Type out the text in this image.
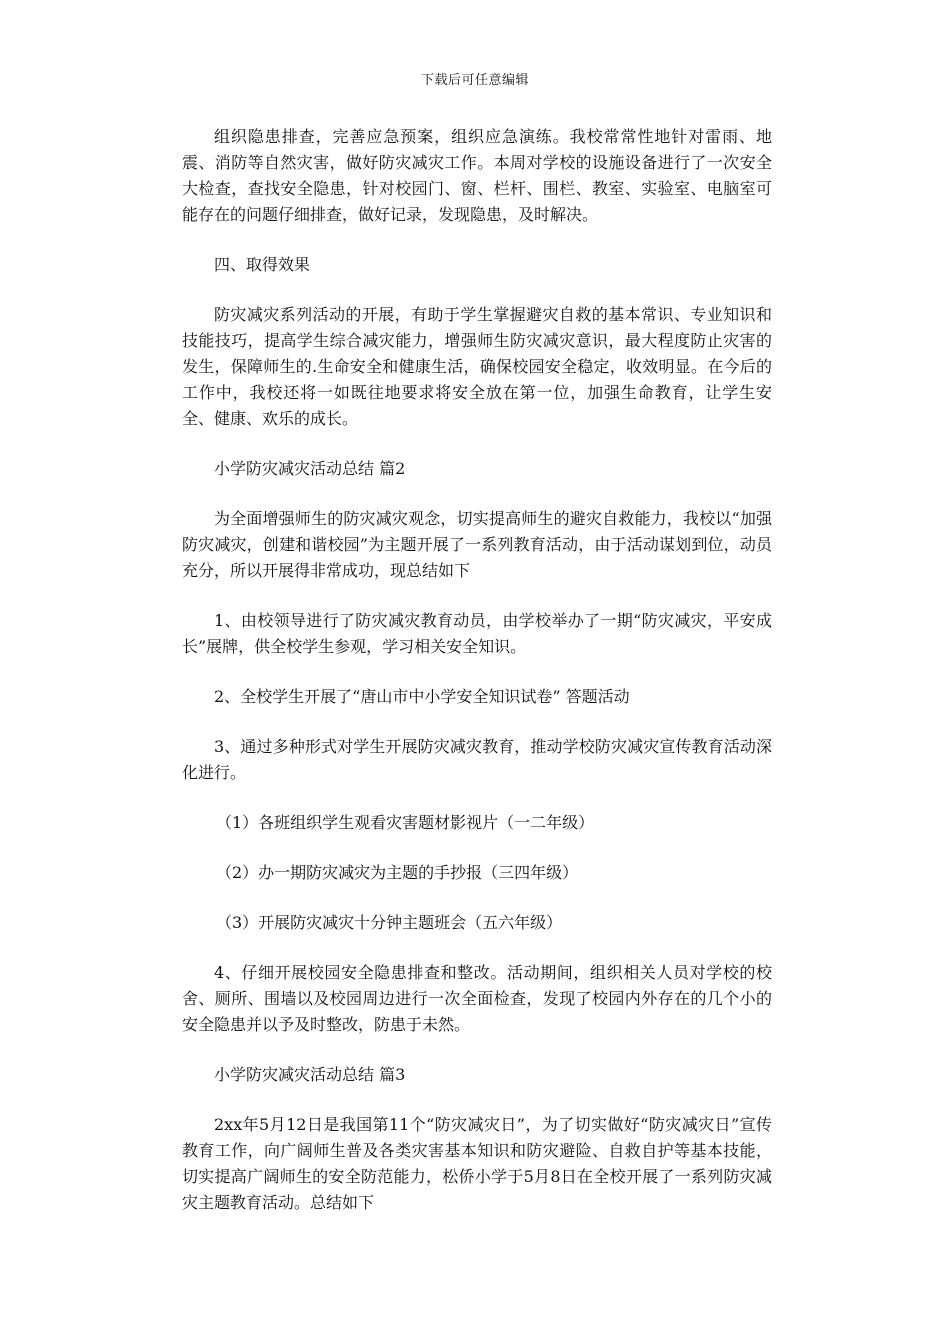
下载后可任意编辑

组织隐患排查，完善应急预案，组织应急演练。我校常常性地针对雷雨、地震、消防等自然灾害，做好防灾减灾工作。本周对学校的设施设备进行了一次安全大检查，查找安全隐患，针对校园门、窗、栏杆、围栏、教室、实验室、电脑室可能存在的问题仔细排查，做好记录，发现隐患，及时解决。

四、取得效果

防灾减灾系列活动的开展，有助于学生掌握避灾自救的基本常识、专业知识和技能技巧，提高学生综合减灾能力，增强师生防灾减灾意识，最大程度防止灾害的发生，保障师生的.生命安全和健康生活，确保校园安全稳定，收效明显。在今后的工作中，我校还将一如既往地要求将安全放在第一位，加强生命教育，让学生安全、健康、欢乐的成长。

小学防灾减灾活动总结 篇2

为全面增强师生的防灾减灾观念，切实提高师生的避灾自救能力，我校以“加强防灾减灾，创建和谐校园”为主题开展了一系列教育活动，由于活动谋划到位，动员充分，所以开展得非常成功，现总结如下

1、由校领导进行了防灾减灾教育动员，由学校举办了一期“防灾减灾，平安成长”展牌，供全校学生参观，学习相关安全知识。

2、全校学生开展了“唐山市中小学安全知识试卷” 答题活动

3、通过多种形式对学生开展防灾减灾教育，推动学校防灾减灾宣传教育活动深化进行。

（1）各班组织学生观看灾害题材影视片（一二年级）

（2）办一期防灾减灾为主题的手抄报（三四年级）

（3）开展防灾减灾十分钟主题班会（五六年级）

4、仔细开展校园安全隐患排查和整改。活动期间，组织相关人员对学校的校舍、厕所、围墙以及校园周边进行一次全面检查，发现了校园内外存在的几个小的安全隐患并以予及时整改，防患于未然。

小学防灾减灾活动总结 篇3

2xx年5月12日是我国第11个“防灾减灾日”，为了切实做好“防灾减灾日”宣传教育工作，向广阔师生普及各类灾害基本知识和防灾避险、自救自护等基本技能，切实提高广阔师生的安全防范能力，松侨小学于5月8日在全校开展了一系列防灾减灾主题教育活动。总结如下
